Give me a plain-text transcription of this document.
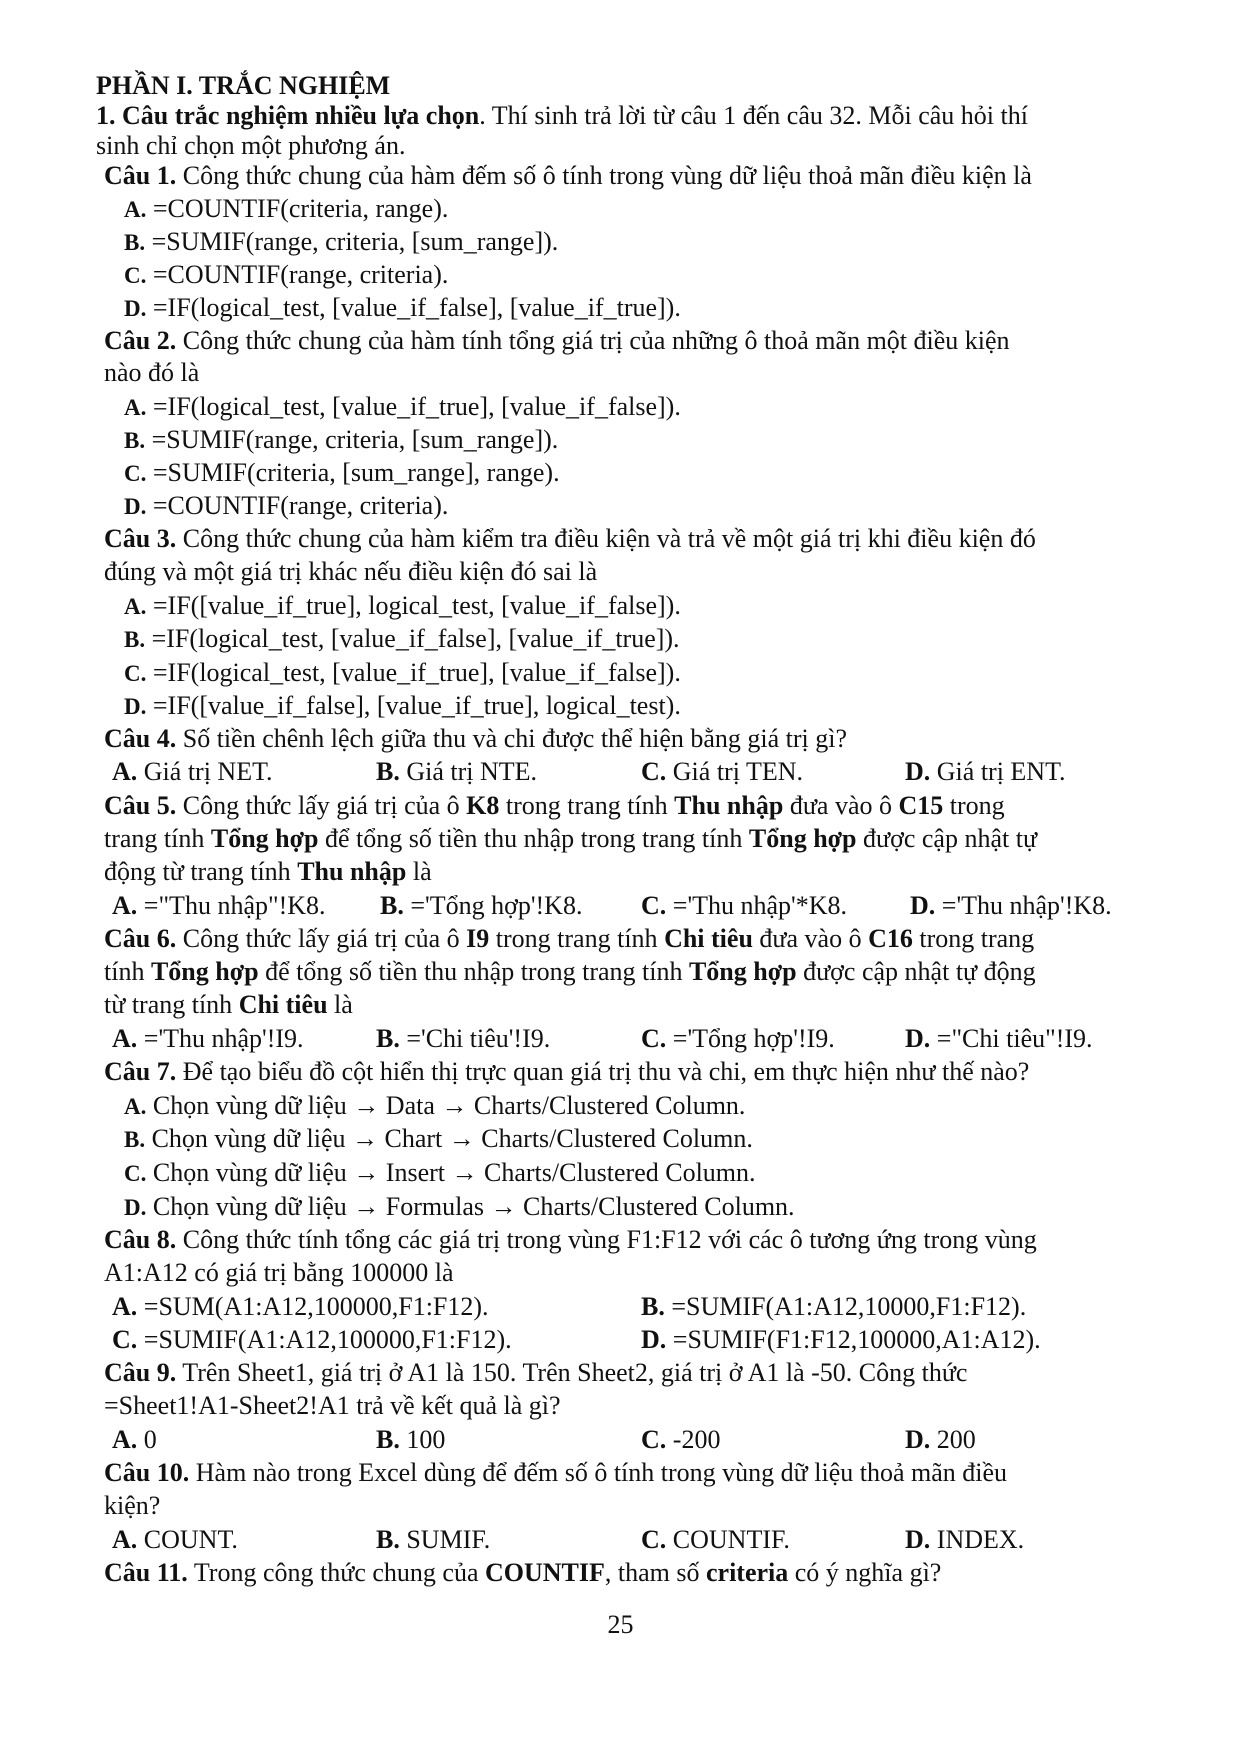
PHẦN I. TRẮC NGHIỆM
1. Câu trắc nghiệm nhiều lựa chọn. Thí sinh trả lời từ câu 1 đến câu 32. Mỗi câu hỏi thí
sinh chỉ chọn một phương án.
Câu 1. Công thức chung của hàm đếm số ô tính trong vùng dữ liệu thoả mãn điều kiện là
A. =COUNTIF(criteria, range).
B. =SUMIF(range, criteria, [sum_range]).
C. =COUNTIF(range, criteria).
D. =IF(logical_test, [value_if_false], [value_if_true]).
Câu 2. Công thức chung của hàm tính tổng giá trị của những ô thoả mãn một điều kiện
nào đó là
A. =IF(logical_test, [value_if_true], [value_if_false]).
B. =SUMIF(range, criteria, [sum_range]).
C. =SUMIF(criteria, [sum_range], range).
D. =COUNTIF(range, criteria).
Câu 3. Công thức chung của hàm kiểm tra điều kiện và trả về một giá trị khi điều kiện đó
đúng và một giá trị khác nếu điều kiện đó sai là
A. =IF([value_if_true], logical_test, [value_if_false]).
B. =IF(logical_test, [value_if_false], [value_if_true]).
C. =IF(logical_test, [value_if_true], [value_if_false]).
D. =IF([value_if_false], [value_if_true], logical_test).
Câu 4. Số tiền chênh lệch giữa thu và chi được thể hiện bằng giá trị gì?
A. Giá trị NET.	B. Giá trị NTE.	C. Giá trị TEN.	D. Giá trị ENT.
Câu 5. Công thức lấy giá trị của ô K8 trong trang tính Thu nhập đưa vào ô C15 trong
trang tính Tổng hợp để tổng số tiền thu nhập trong trang tính Tổng hợp được cập nhật tự
động từ trang tính Thu nhập là
A. ="Thu nhập"!K8. B. ='Tổng hợp'!K8. C. ='Thu nhập'*K8. D. ='Thu nhập'!K8.
Câu 6. Công thức lấy giá trị của ô I9 trong trang tính Chi tiêu đưa vào ô C16 trong trang
tính Tổng hợp để tổng số tiền thu nhập trong trang tính Tổng hợp được cập nhật tự động
từ trang tính Chi tiêu là
A. ='Thu nhập'!I9.	B. ='Chi tiêu'!I9.	C. ='Tổng hợp'!I9.	D. ="Chi tiêu"!I9.
Câu 7. Để tạo biểu đồ cột hiển thị trực quan giá trị thu và chi, em thực hiện như thế nào?
A. Chọn vùng dữ liệu → Data → Charts/Clustered Column.
B. Chọn vùng dữ liệu → Chart → Charts/Clustered Column.
C. Chọn vùng dữ liệu → Insert → Charts/Clustered Column.
D. Chọn vùng dữ liệu → Formulas → Charts/Clustered Column.
Câu 8. Công thức tính tổng các giá trị trong vùng F1:F12 với các ô tương ứng trong vùng
A1:A12 có giá trị bằng 100000 là
A. =SUM(A1:A12,100000,F1:F12).	B. =SUMIF(A1:A12,10000,F1:F12).
C. =SUMIF(A1:A12,100000,F1:F12).	D. =SUMIF(F1:F12,100000,A1:A12).
Câu 9. Trên Sheet1, giá trị ở A1 là 150. Trên Sheet2, giá trị ở A1 là -50. Công thức
=Sheet1!A1-Sheet2!A1 trả về kết quả là gì?
A. 0	B. 100	C. -200	D. 200
Câu 10. Hàm nào trong Excel dùng để đếm số ô tính trong vùng dữ liệu thoả mãn điều
kiện?
A. COUNT.	B. SUMIF.	C. COUNTIF.	D. INDEX.
Câu 11. Trong công thức chung của COUNTIF, tham số criteria có ý nghĩa gì?
25
